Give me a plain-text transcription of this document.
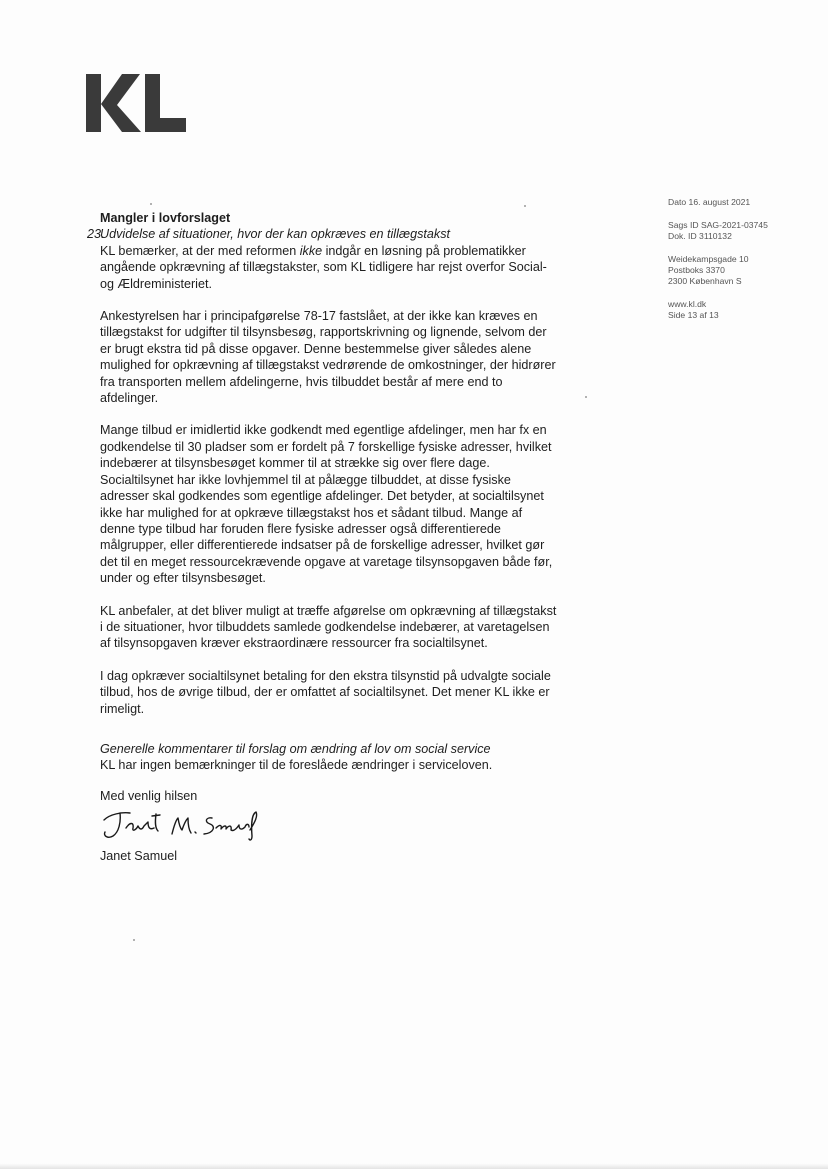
Dato 16. august 2021
Sags ID SAG-2021-03745
Dok. ID 3110132
Weidekampsgade 10
Postboks 3370
2300 København S
www.kl.dk
Side 13 af 13

Mangler i lovforslaget

23.
Udvidelse af situationer, hvor der kan opkræves en tillægstakst

KL bemærker, at der med reformen ikke indgår en løsning på problematikker angående opkrævning af tillægstakster, som KL tidligere har rejst overfor Social- og Ældreministeriet.

Ankestyrelsen har i principafgørelse 78-17 fastslået, at der ikke kan kræves en tillægstakst for udgifter til tilsynsbesøg, rapportskrivning og lignende, selvom der er brugt ekstra tid på disse opgaver. Denne bestemmelse giver således alene mulighed for opkrævning af tillægstakst vedrørende de omkostninger, der hidrører fra transporten mellem afdelingerne, hvis tilbuddet består af mere end to afdelinger.

Mange tilbud er imidlertid ikke godkendt med egentlige afdelinger, men har fx en godkendelse til 30 pladser som er fordelt på 7 forskellige fysiske adresser, hvilket indebærer at tilsynsbesøget kommer til at strække sig over flere dage. Socialtilsynet har ikke lovhjemmel til at pålægge tilbuddet, at disse fysiske adresser skal godkendes som egentlige afdelinger. Det betyder, at socialtilsynet ikke har mulighed for at opkræve tillægstakst hos et sådant tilbud. Mange af denne type tilbud har foruden flere fysiske adresser også differentierede målgrupper, eller differentierede indsatser på de forskellige adresser, hvilket gør det til en meget ressourcekrævende opgave at varetage tilsynsopgaven både før, under og efter tilsynsbesøget.

KL anbefaler, at det bliver muligt at træffe afgørelse om opkrævning af tillægstakst i de situationer, hvor tilbuddets samlede godkendelse indebærer, at varetagelsen af tilsynsopgaven kræver ekstraordinære ressourcer fra socialtilsynet.

I dag opkræver socialtilsynet betaling for den ekstra tilsynstid på udvalgte sociale tilbud, hos de øvrige tilbud, der er omfattet af socialtilsynet. Det mener KL ikke er rimeligt.

Generelle kommentarer til forslag om ændring af lov om social service
KL har ingen bemærkninger til de foreslåede ændringer i serviceloven.
Med venlig hilsen
Janet Samuel
